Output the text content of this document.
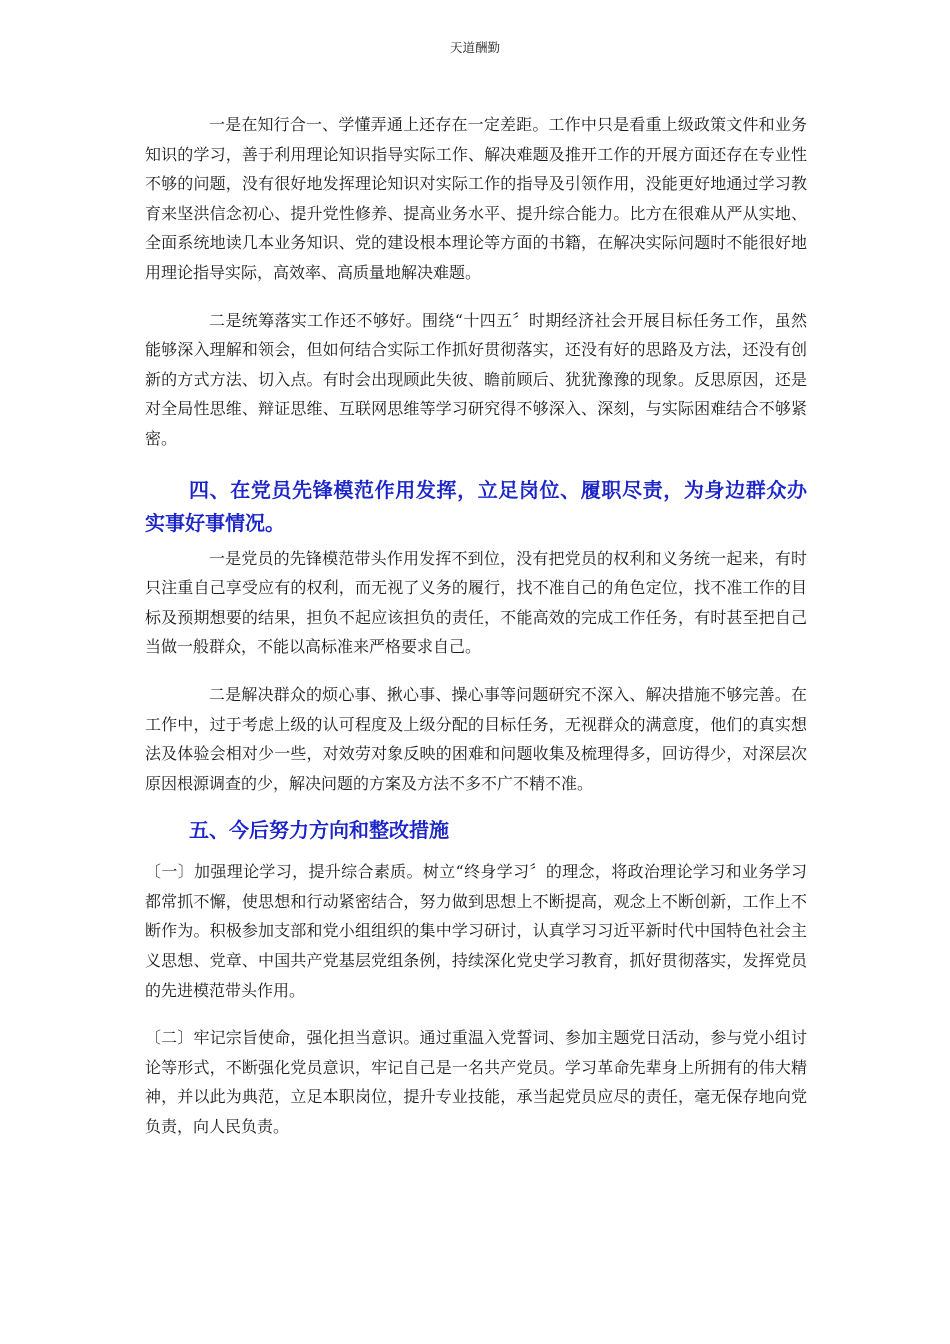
天道酬勤

一是在知行合一、学懂弄通上还存在一定差距。工作中只是看重上级政策文件和业务知识的学习，善于利用理论知识指导实际工作、解决难题及推开工作的开展方面还存在专业性不够的问题，没有很好地发挥理论知识对实际工作的指导及引领作用，没能更好地通过学习教育来坚洪信念初心、提升党性修养、提高业务水平、提升综合能力。比方在很难从严从实地、全面系统地读几本业务知识、党的建设根本理论等方面的书籍，在解决实际问题时不能很好地用理论指导实际，高效率、高质量地解决难题。

二是统筹落实工作还不够好。围绕“十四五〞时期经济社会开展目标任务工作，虽然能够深入理解和领会，但如何结合实际工作抓好贯彻落实，还没有好的思路及方法，还没有创新的方式方法、切入点。有时会出现顾此失彼、瞻前顾后、犹犹豫豫的现象。反思原因，还是对全局性思维、辩证思维、互联网思维等学习研究得不够深入、深刻，与实际困难结合不够紧密。

四、在党员先锋模范作用发挥，立足岗位、履职尽责，为身边群众办实事好事情况。

一是党员的先锋模范带头作用发挥不到位，没有把党员的权利和义务统一起来，有时只注重自己享受应有的权利，而无视了义务的履行，找不准自己的角色定位，找不准工作的目标及预期想要的结果，担负不起应该担负的责任，不能高效的完成工作任务，有时甚至把自己当做一般群众，不能以高标准来严格要求自己。

二是解决群众的烦心事、揪心事、操心事等问题研究不深入、解决措施不够完善。在工作中，过于考虑上级的认可程度及上级分配的目标任务，无视群众的满意度，他们的真实想法及体验会相对少一些，对效劳对象反映的困难和问题收集及梳理得多，回访得少，对深层次原因根源调查的少，解决问题的方案及方法不多不广不精不准。

五、今后努力方向和整改措施

〔一〕加强理论学习，提升综合素质。树立“终身学习〞的理念，将政治理论学习和业务学习都常抓不懈，使思想和行动紧密结合，努力做到思想上不断提高，观念上不断创新，工作上不断作为。积极参加支部和党小组组织的集中学习研讨，认真学习习近平新时代中国特色社会主义思想、党章、中国共产党基层党组条例，持续深化党史学习教育，抓好贯彻落实，发挥党员的先进模范带头作用。

〔二〕牢记宗旨使命，强化担当意识。通过重温入党誓词、参加主题党日活动，参与党小组讨论等形式，不断强化党员意识，牢记自己是一名共产党员。学习革命先辈身上所拥有的伟大精神，并以此为典范，立足本职岗位，提升专业技能，承当起党员应尽的责任，毫无保存地向党负责，向人民负责。
